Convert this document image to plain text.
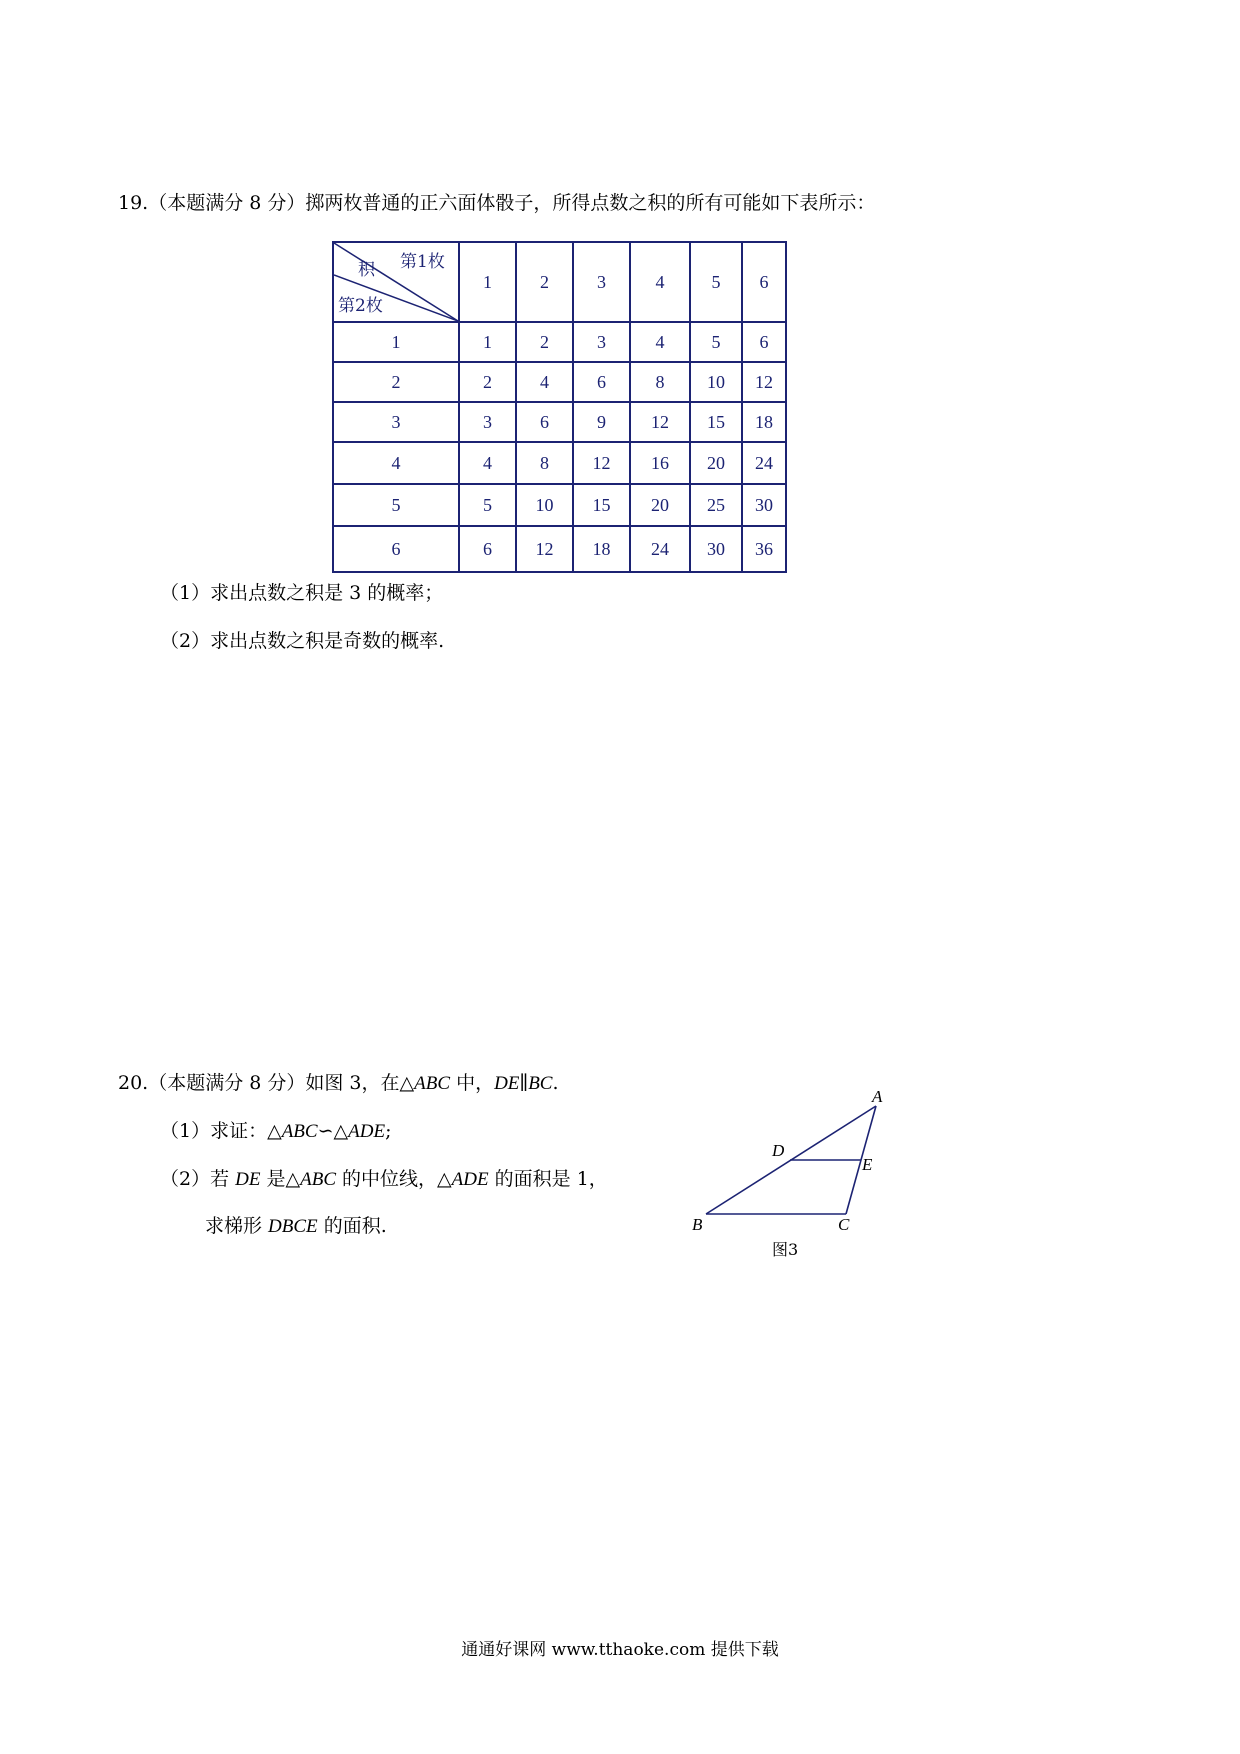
19.（本题满分 8 分）掷两枚普通的正六面体骰子，所得点数之积的所有可能如下表所示：
第1枚
积
第2枚	1	2	3	4	5	6
1	1	2	3	4	5	6
2	2	4	6	8	10	12
3	3	6	9	12	15	18
4	4	8	12	16	20	24
5	5	10	15	20	25	30
6	6	12	18	24	30	36
（1）求出点数之积是 3 的概率；
（2）求出点数之积是奇数的概率.
20.（本题满分 8 分）如图 3，在△ABC 中，DE∥BC.
（1）求证：△ABC∽△ADE;
（2）若 DE 是△ABC 的中位线，△ADE 的面积是 1，
求梯形 DBCE 的面积.
A
D
E
B	C
图3
通通好课网 www.tthaoke.com 提供下载
